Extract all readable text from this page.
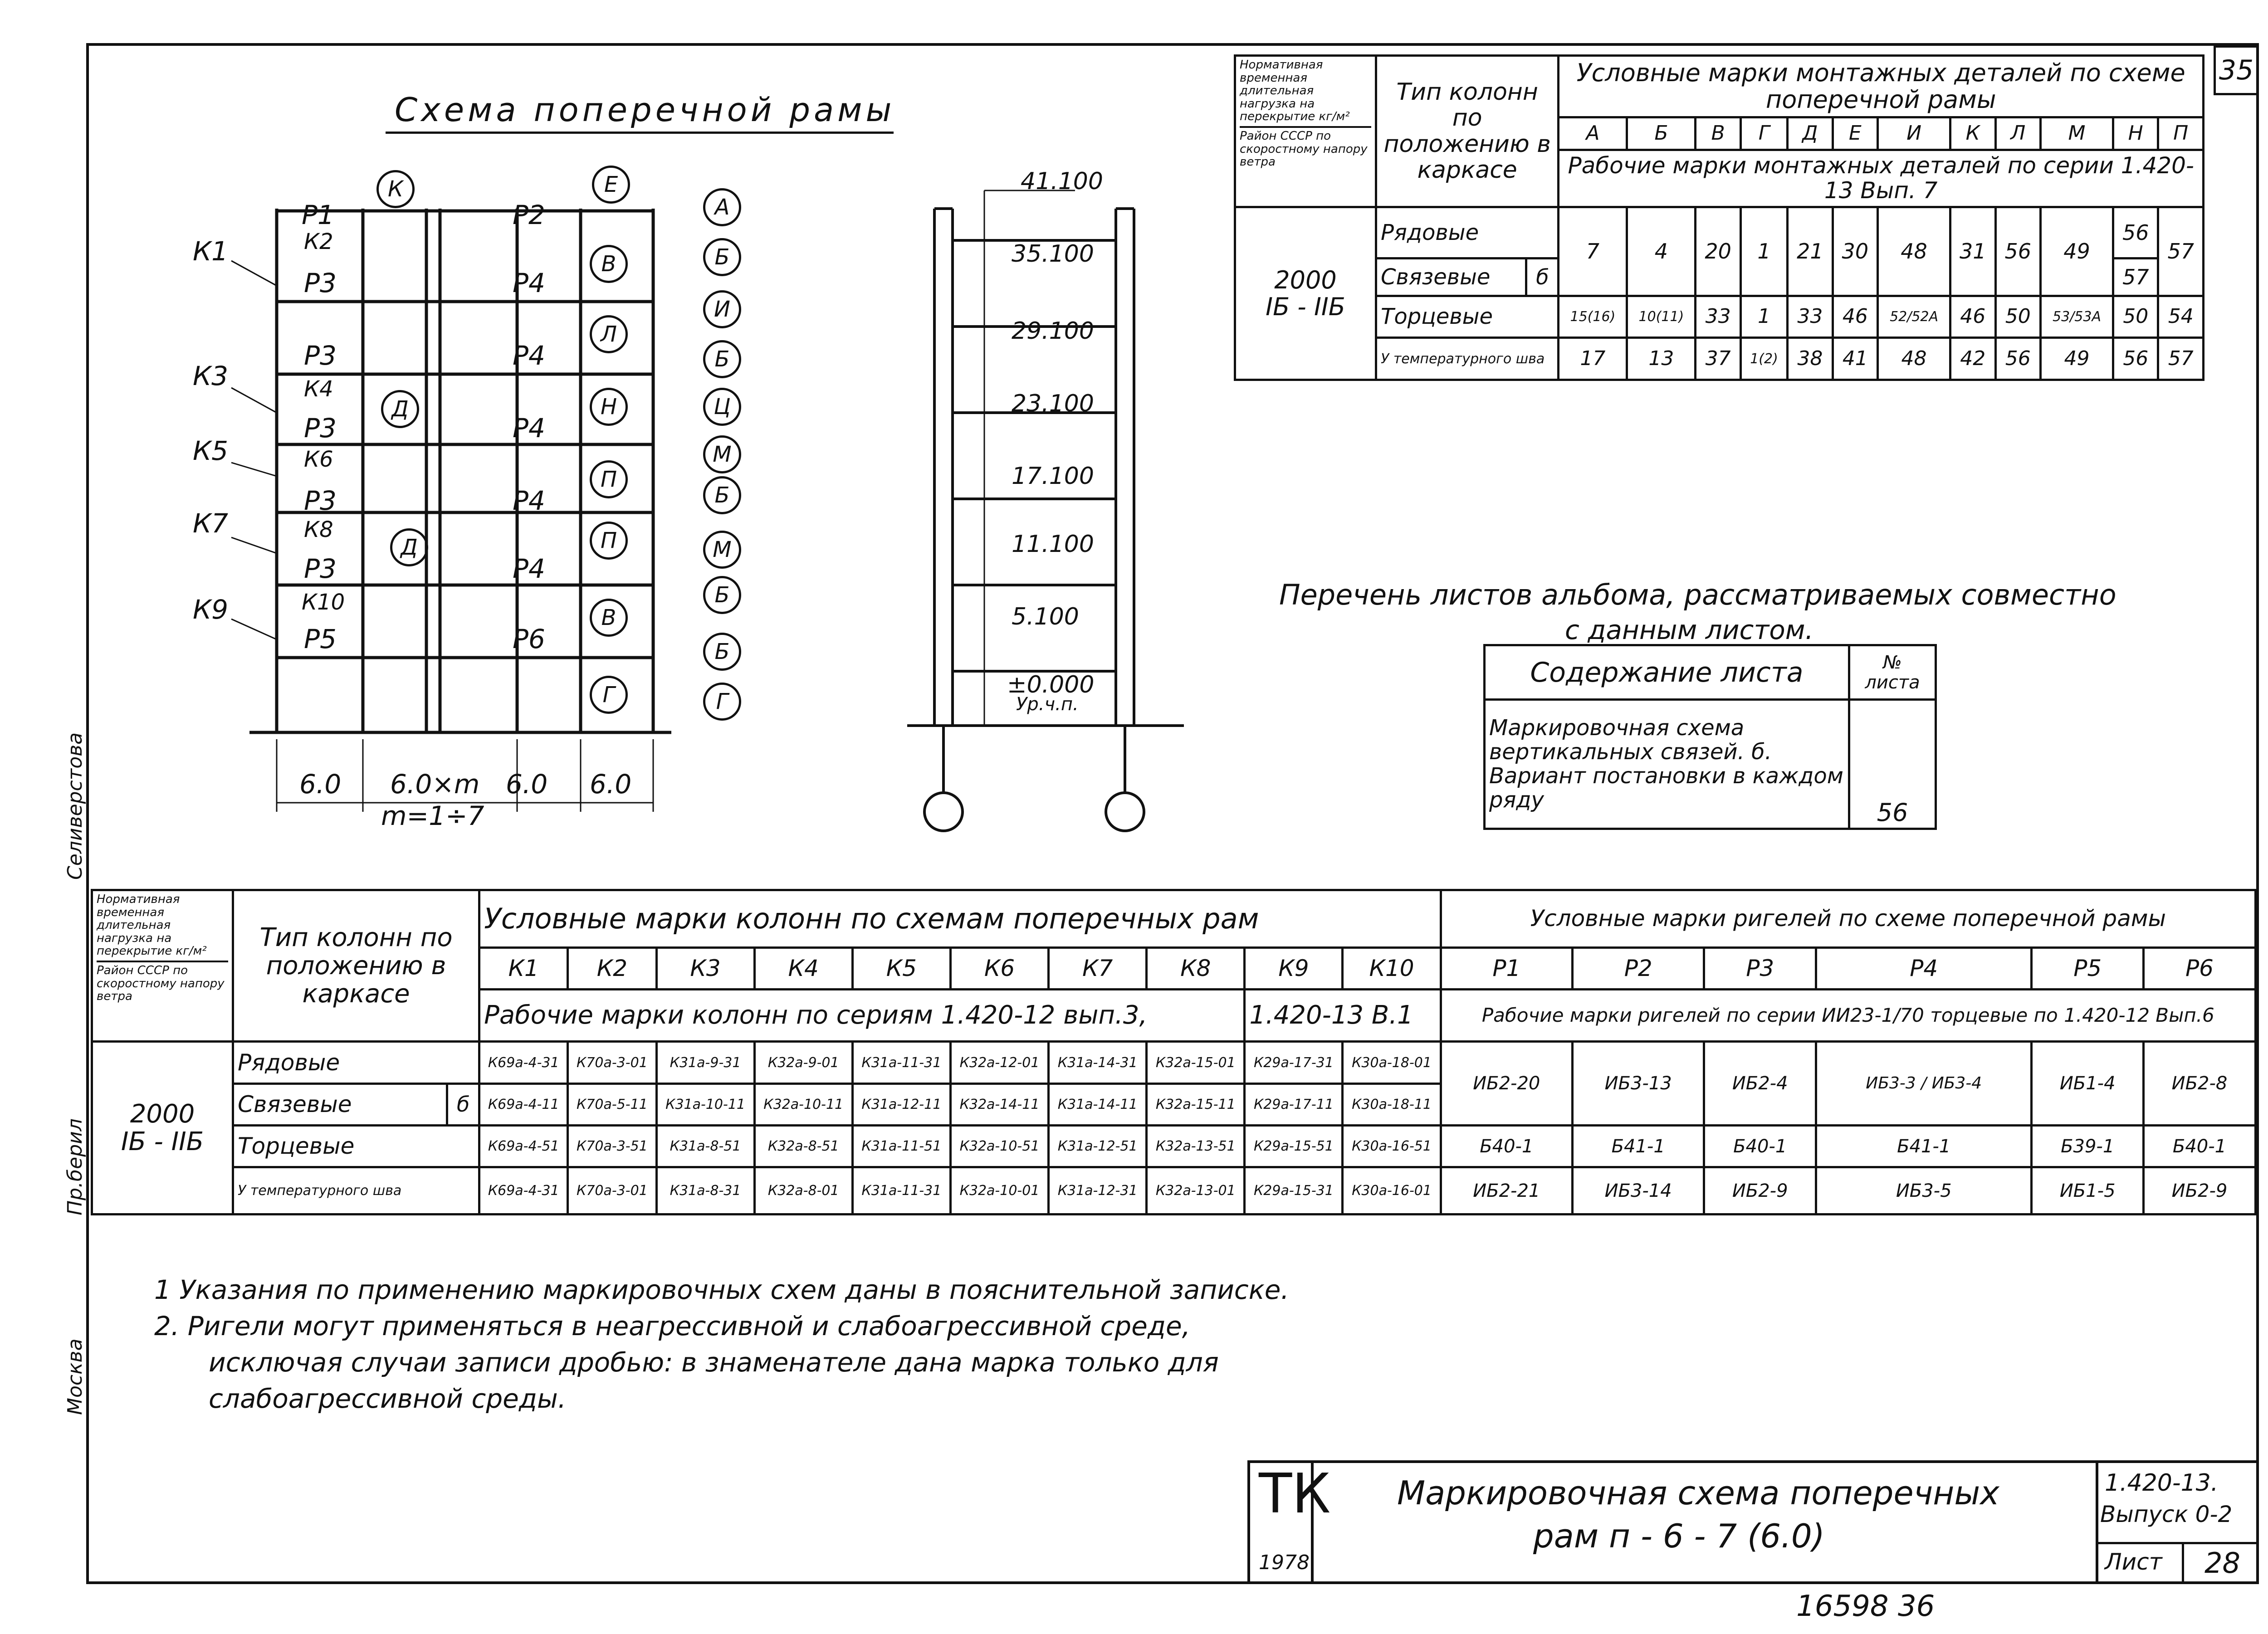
35
Схема поперечной рамы
К1	К2
К3	К4
К5	К6
К7	К8
К9	К10
Р1
Р3
Р3
Р3
Р3
Р3
Р5
Р2
Р4
Р4
Р4
Р4
Р4
Р6
К	Е
А
В	Б
Л
И
Б
Д	Н	Ц
М
Д
П
Б
П	М
В
Б
Б
Г	Г
6.0 6.0×m 6.0 6.0
m=1÷7
41.100
35.100
29.100
23.100
17.100
11.100
5.100
±0.000
Ур.ч.п.
Нормативная временная длительная нагрузка на перекрытие кг/м²
Район СССР по скоростному напору ветра	Тип колонн по положению в каркасе		Условные марки монтажных деталей по схеме поперечной рамы											
			А	Б	В	Г	Д	Е	И	К	Л	М	Н	П
			Рабочие марки монтажных деталей по серии 1.420-13 Вып. 7											

2000
ІБ - ІІБ	Рядовые		7	4	20	1	21	30	48	31	56	49	56	57
	Связевые	б											57	
	Торцевые		15(16)	10(11)	33	1	33	46	52/52А	46	50	53/53А	50	54
	У температурного шва		17	13	37	1(2)	38	41	48	42	56	49	56	57
Перечень листов альбома, рассматриваемых совместно
с данным листом.
Содержание листа	№ листа
Маркировочная схема вертикальных связей. б. Вариант постановки в каждом ряду	56
Нормативная временная длительная нагрузка на перекрытие кг/м²
Район СССР по скоростному напору ветра	Тип колонн по положению в каркасе		Условные марки колонн по схемам поперечных рам										Условные марки ригелей по схеме поперечной рамы					
			К1	К2	К3	К4	К5	К6	К7	К8	К9	К10	Р1	Р2	Р3	Р4	Р5	Р6
			Рабочие марки колонн по сериям 1.420-12 вып.3,								1.420-13 В.1		Рабочие марки ригелей по серии ИИ23-1/70 торцевые по 1.420-12 Вып.6					

2000
ІБ - ІІБ	Рядовые		К69а-4-31	К70а-3-01	К31а-9-31	К32а-9-01	К31а-11-31	К32а-12-01	К31а-14-31	К32а-15-01	К29а-17-31	К30а-18-01	ИБ2-20	ИБ3-13	ИБ2-4	ИБ3-3 / ИБ3-4	ИБ1-4	ИБ2-8
	Связевые	б	К69а-4-11	К70а-5-11	К31а-10-11	К32а-10-11	К31а-12-11	К32а-14-11	К31а-14-11	К32а-15-11	К29а-17-11	К30а-18-11						
	Торцевые		К69а-4-51	К70а-3-51	К31а-8-51	К32а-8-51	К31а-11-51	К32а-10-51	К31а-12-51	К32а-13-51	К29а-15-51	К30а-16-51	Б40-1	Б41-1	Б40-1	Б41-1	Б39-1	Б40-1
	У температурного шва		К69а-4-31	К70а-3-01	К31а-8-31	К32а-8-01	К31а-11-31	К32а-10-01	К31а-12-31	К32а-13-01	К29а-15-31	К30а-16-01	ИБ2-21	ИБ3-14	ИБ2-9	ИБ3-5	ИБ1-5	ИБ2-9
1 Указания по применению маркировочных схем даны в пояснительной записке.
2. Ригели могут применяться в неагрессивной и слабоагрессивной среде,
исключая случаи записи дробью: в знаменателе дана марка только для
слабоагрессивной среды.
ТК
1978
Маркировочная схема поперечных
рам п - 6 - 7 (6.0)
1.420-13.
Выпуск 0-2
Лист 28
16598 36
Селиверстова
Пр.берил
Москва
